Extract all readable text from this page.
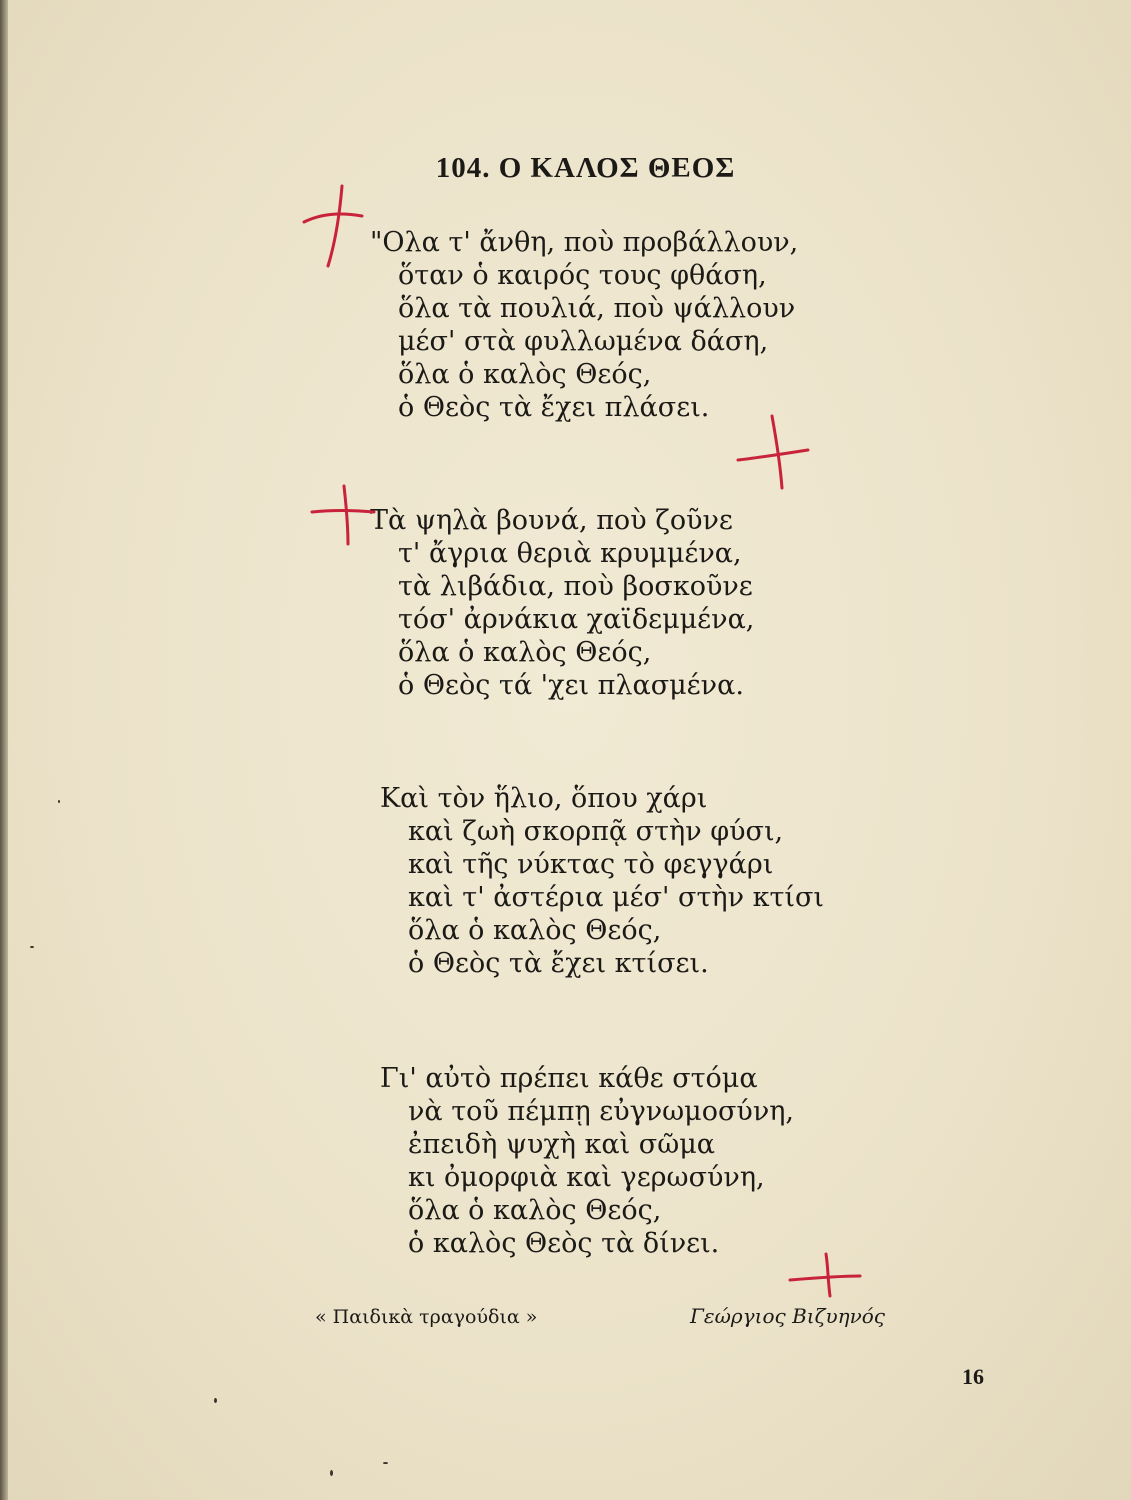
104. Ο ΚΑΛΟΣ ΘΕΟΣ
"Ολα τ' ἄνθη, ποὺ προβάλλουν,
ὅταν ὁ καιρός τους φθάση,
ὅλα τὰ πουλιά, ποὺ ψάλλουν
μέσ' στὰ φυλλωμένα δάση,
ὅλα ὁ καλὸς Θεός,
ὁ Θεὸς τὰ ἔχει πλάσει.
Τὰ ψηλὰ βουνά, ποὺ ζοῦνε
τ' ἄγρια θεριὰ κρυμμένα,
τὰ λιβάδια, ποὺ βοσκοῦνε
τόσ' ἀρνάκια χαϊδεμμένα,
ὅλα ὁ καλὸς Θεός,
ὁ Θεὸς τά 'χει πλασμένα.
Καὶ τὸν ἥλιο, ὅπου χάρι
καὶ ζωὴ σκορπᾷ στὴν φύσι,
καὶ τῆς νύκτας τὸ φεγγάρι
καὶ τ' ἀστέρια μέσ' στὴν κτίσι
ὅλα ὁ καλὸς Θεός,
ὁ Θεὸς τὰ ἔχει κτίσει.
Γι' αὐτὸ πρέπει κάθε στόμα
νὰ τοῦ πέμπῃ εὐγνωμοσύνη,
ἐπειδὴ ψυχὴ καὶ σῶμα
κι ὀμορφιὰ καὶ γερωσύνη,
ὅλα ὁ καλὸς Θεός,
ὁ καλὸς Θεὸς τὰ δίνει.
« Παιδικὰ τραγούδια »	Γεώργιος Βιζυηνός
16
